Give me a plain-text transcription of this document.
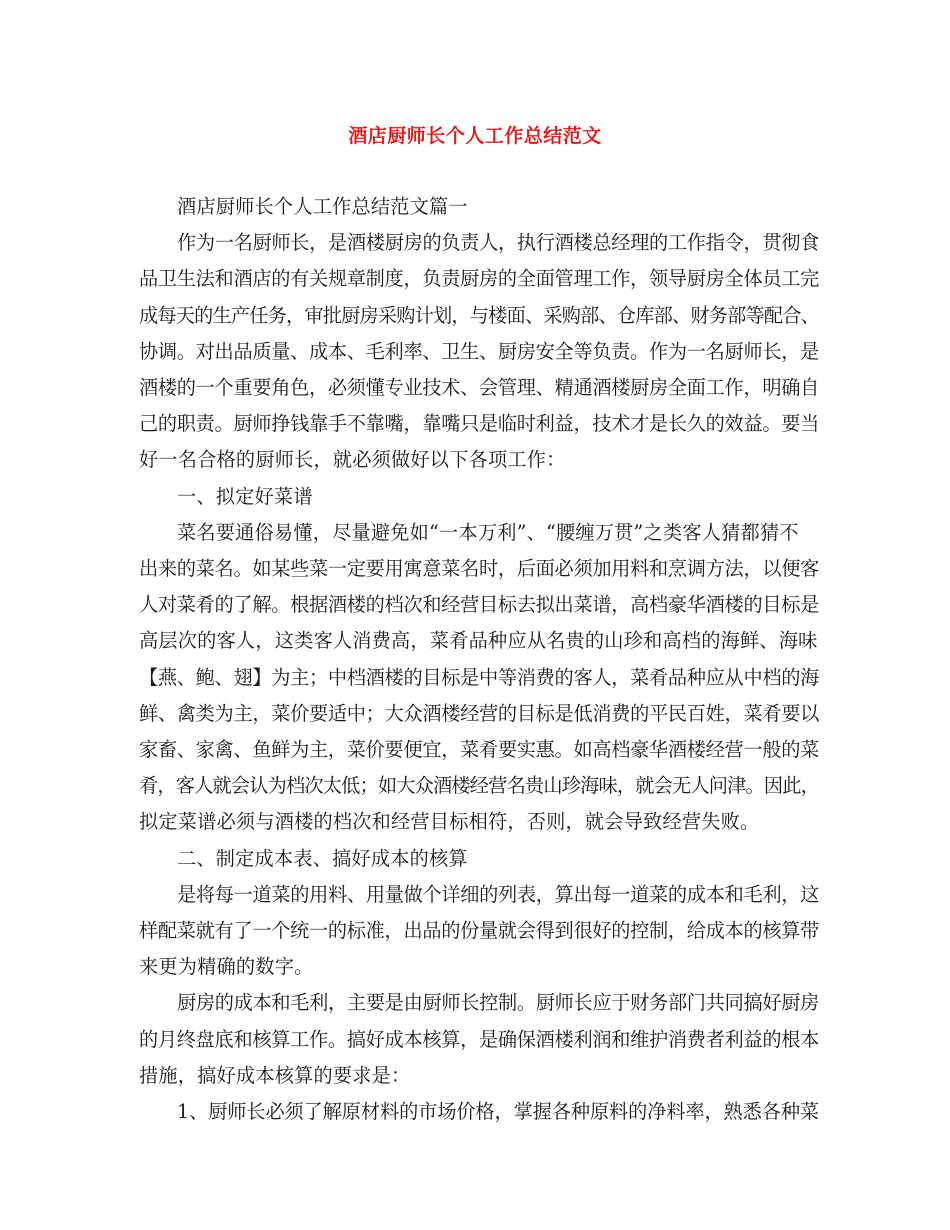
酒店厨师长个人工作总结范文
酒店厨师长个人工作总结范文篇一
作为一名厨师长，是酒楼厨房的负责人，执行酒楼总经理的工作指令，贯彻食
品卫生法和酒店的有关规章制度，负责厨房的全面管理工作，领导厨房全体员工完
成每天的生产任务，审批厨房采购计划，与楼面、采购部、仓库部、财务部等配合、
协调。对出品质量、成本、毛利率、卫生、厨房安全等负责。作为一名厨师长，是
酒楼的一个重要角色，必须懂专业技术、会管理、精通酒楼厨房全面工作，明确自
己的职责。厨师挣钱靠手不靠嘴，靠嘴只是临时利益，技术才是长久的效益。要当
好一名合格的厨师长，就必须做好以下各项工作：
一、拟定好菜谱
菜名要通俗易懂，尽量避免如“一本万利”、“腰缠万贯”之类客人猜都猜不
出来的菜名。如某些菜一定要用寓意菜名时，后面必须加用料和烹调方法，以便客
人对菜肴的了解。根据酒楼的档次和经营目标去拟出菜谱，高档豪华酒楼的目标是
高层次的客人，这类客人消费高，菜肴品种应从名贵的山珍和高档的海鲜、海味
【燕、鲍、翅】为主；中档酒楼的目标是中等消费的客人，菜肴品种应从中档的海
鲜、禽类为主，菜价要适中；大众酒楼经营的目标是低消费的平民百姓，菜肴要以
家畜、家禽、鱼鲜为主，菜价要便宜，菜肴要实惠。如高档豪华酒楼经营一般的菜
肴，客人就会认为档次太低；如大众酒楼经营名贵山珍海味，就会无人问津。因此，
拟定菜谱必须与酒楼的档次和经营目标相符，否则，就会导致经营失败。
二、制定成本表、搞好成本的核算
是将每一道菜的用料、用量做个详细的列表，算出每一道菜的成本和毛利，这
样配菜就有了一个统一的标准，出品的份量就会得到很好的控制，给成本的核算带
来更为精确的数字。
厨房的成本和毛利，主要是由厨师长控制。厨师长应于财务部门共同搞好厨房
的月终盘底和核算工作。搞好成本核算，是确保酒楼利润和维护消费者利益的根本
措施，搞好成本核算的要求是：
1、厨师长必须了解原材料的市场价格，掌握各种原料的净料率，熟悉各种菜
